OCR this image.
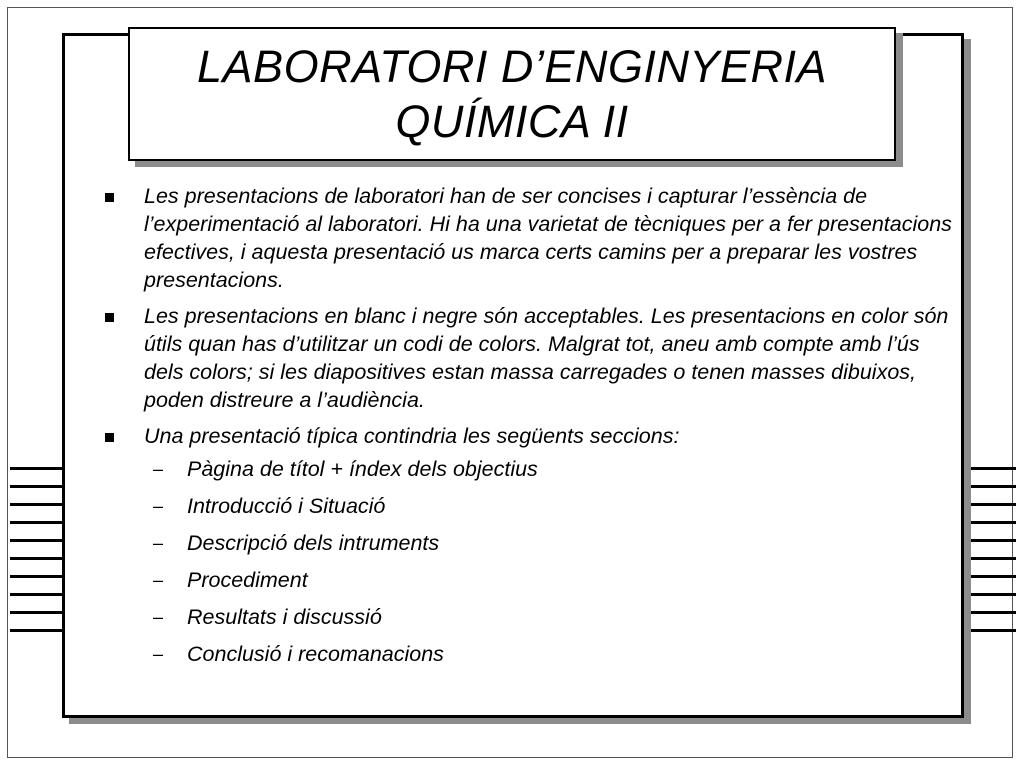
LABORATORI D’ENGINYERIA
QUÍMICA II
Les presentacions de laboratori han de ser concises i capturar l’essència de l’experimentació al laboratori. Hi ha una varietat de tècniques per a fer presentacions efectives, i aquesta presentació us marca certs camins per a preparar les vostres presentacions.
Les presentacions en blanc i negre són acceptables. Les presentacions en color són útils quan has d’utilitzar un codi de colors. Malgrat tot, aneu amb compte amb l’ús dels colors; si les diapositives estan massa carregades o tenen masses dibuixos, poden distreure a l’audiència.
Una presentació típica contindria les següents seccions:
– Pàgina de títol + índex dels objectius
– Introducció i Situació
– Descripció dels intruments
– Procediment
– Resultats i discussió
– Conclusió i recomanacions
